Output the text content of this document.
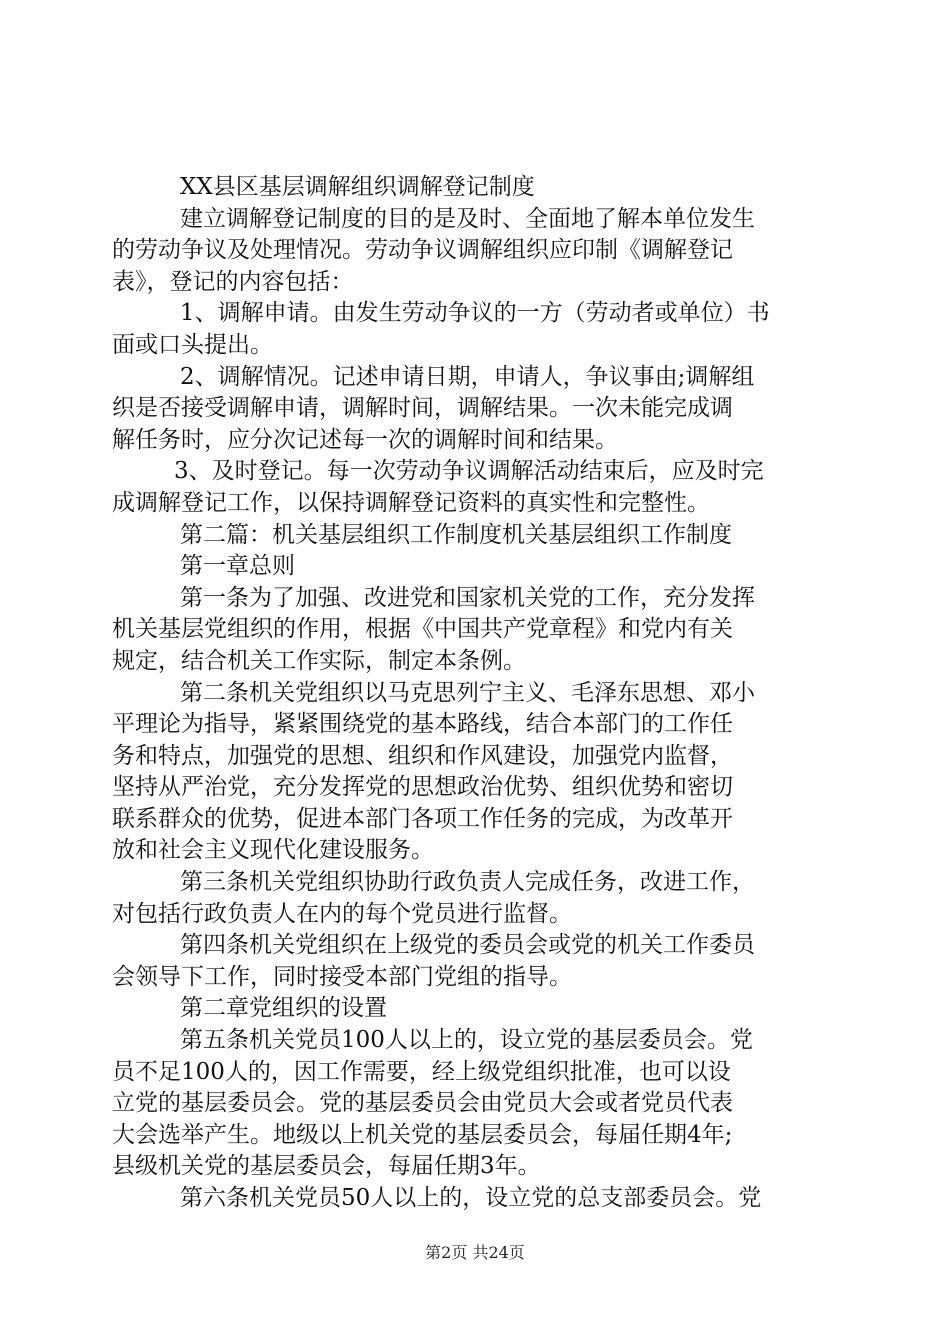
XX县区基层调解组织调解登记制度
建立调解登记制度的目的是及时、全面地了解本单位发生
的劳动争议及处理情况。劳动争议调解组织应印制《调解登记
表》，登记的内容包括：
1、调解申请。由发生劳动争议的一方（劳动者或单位）书
面或口头提出。
2、调解情况。记述申请日期，申请人，争议事由;调解组
织是否接受调解申请，调解时间，调解结果。一次未能完成调
解任务时，应分次记述每一次的调解时间和结果。
3、及时登记。每一次劳动争议调解活动结束后，应及时完
成调解登记工作，以保持调解登记资料的真实性和完整性。
第二篇：机关基层组织工作制度机关基层组织工作制度
第一章总则
第一条为了加强、改进党和国家机关党的工作，充分发挥
机关基层党组织的作用，根据《中国共产党章程》和党内有关
规定，结合机关工作实际，制定本条例。
第二条机关党组织以马克思列宁主义、毛泽东思想、邓小
平理论为指导，紧紧围绕党的基本路线，结合本部门的工作任
务和特点，加强党的思想、组织和作风建设，加强党内监督，
坚持从严治党，充分发挥党的思想政治优势、组织优势和密切
联系群众的优势，促进本部门各项工作任务的完成，为改革开
放和社会主义现代化建设服务。
第三条机关党组织协助行政负责人完成任务，改进工作，
对包括行政负责人在内的每个党员进行监督。
第四条机关党组织在上级党的委员会或党的机关工作委员
会领导下工作，同时接受本部门党组的指导。
第二章党组织的设置
第五条机关党员100人以上的，设立党的基层委员会。党
员不足100人的，因工作需要，经上级党组织批准，也可以设
立党的基层委员会。党的基层委员会由党员大会或者党员代表
大会选举产生。地级以上机关党的基层委员会，每届任期4年;
县级机关党的基层委员会，每届任期3年。
第六条机关党员50人以上的，设立党的总支部委员会。党
第2页 共24页
